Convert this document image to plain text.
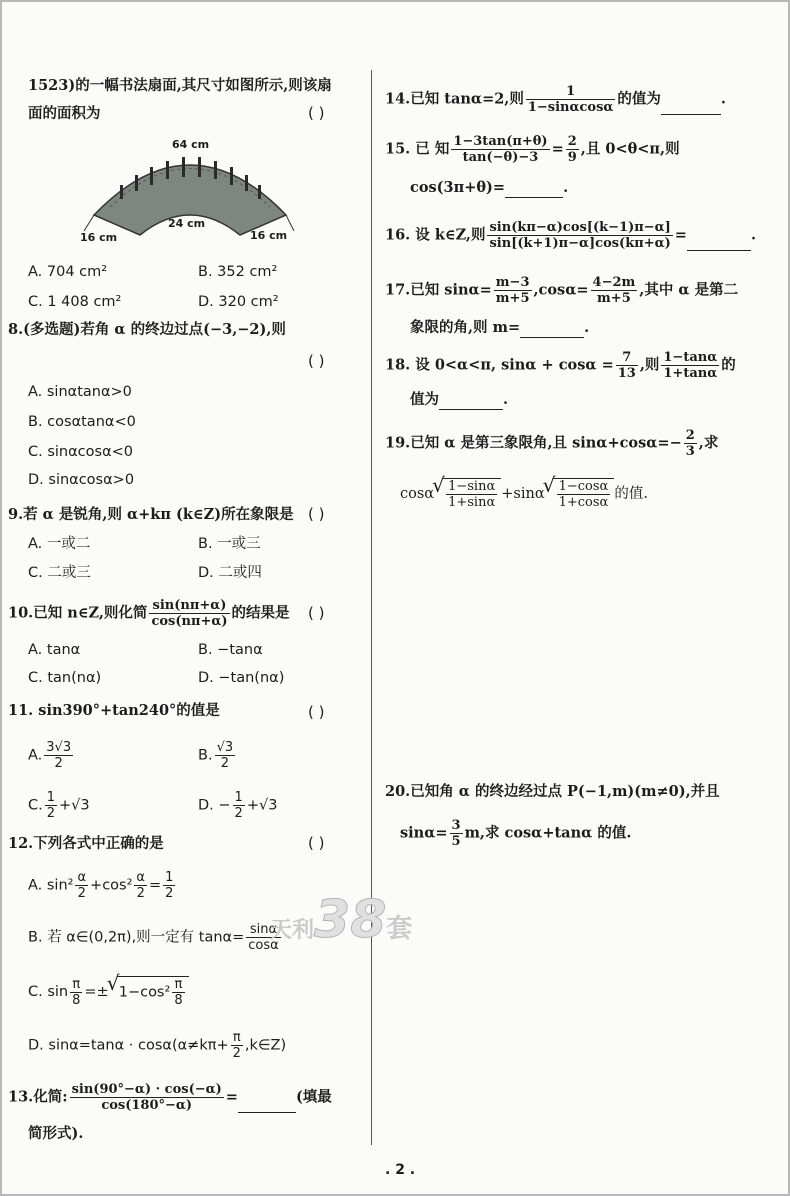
1523)的一幅书法扇面,其尺寸如图所示,则该扇
面的面积为	( )
64 cm
24 cm
16 cm	16 cm
A. 704 cm²	B. 352 cm²
C. 1 408 cm²	D. 320 cm²
8.(多选题)若角 α 的终边过点(−3,−2),则
( )
A. sinαtanα>0
B. cosαtanα<0
C. sinαcosα<0
D. sinαcosα>0
9.若 α 是锐角,则 α+kπ (k∈Z)所在象限是 ( )
A. 一或二	B. 一或三
C. 二或三	D. 二或四
10.已知 n∈Z,则化简 $\frac{\sin(n\pi+\alpha)}{\cos(n\pi+\alpha)}$ 的结果是 ( )
A. tanα	B. −tanα
C. tan(nα)	D. −tan(nα)
11. sin390°+tan240°的值是	( )
A. $\frac{3√3}{2}$	B. $\frac{√3}{2}$
C. $\frac{1}{2} +√3$	D. − $\frac{1}{2} +√3$
12.下列各式中正确的是	( )
A. $\sin^2 \frac{\alpha}{2} +\cos^2 \frac{\alpha}{2} = \frac{1}{2}$
B. 若 α∈(0,2π),则一定有 $\tan\alpha= \frac{\sin\alpha}{\cos\alpha}$
C. $\sin \frac{\pi}{8}$ =± √ $1-\cos^2 \frac{\pi}{8}$
D. $\sin\alpha=\tan\alpha \cdot \cos\alpha(\alpha\ne k\pi+ \frac{\pi}{2}$ ,k∈Z)
13.化简: $\frac{\sin(90^\circ-\alpha) \cdot \cos(-\alpha)}{\cos(180^\circ-\alpha)}$ =	(填最
简形式).
14.已知 tanα=2,则 $\frac{1}{1-\sin\alpha\cos\alpha}$ 的值为	.
15. 已 知 $\frac{1-3\tan(\pi+\theta)}{\tan(-\theta)-3} = \frac{2}{9}$ ,且 0<θ<π,则
cos(3π+θ)=	.
16. 设 k∈Z,则 $\frac{\sin(k\pi-\alpha)\cos[(k-1)\pi-\alpha]}{\sin[(k+1)\pi-\alpha]\cos(k\pi+\alpha)}$ =	.
17.已知 $\sin\alpha= \frac{m-3}{m+5} ,\cos\alpha= \frac{4-2m}{m+5}$ ,其中 α 是第二
象限的角,则 m=	.
18. 设 0<α<π, $\sin\alpha + \cos\alpha = \frac{7}{13}$ ,则 $\frac{1-\tan\alpha}{1+\tan\alpha}$ 的
值为	.
19.已知 α 是第三象限角,且 $\sin\alpha+\cos\alpha=- \frac{2}{3}$ ,求
cosα √ $\frac{1-\sin\alpha}{1+\sin\alpha} +\sin\alpha$ √ $\frac{1-\cos\alpha}{1+\cos\alpha}$ 的值.
20.已知角 α 的终边经过点 P(−1,m)(m≠0),并且
$\sin\alpha= \frac{3}{5} m$,求 cosα+tanα 的值.
天利38套
. 2 .
